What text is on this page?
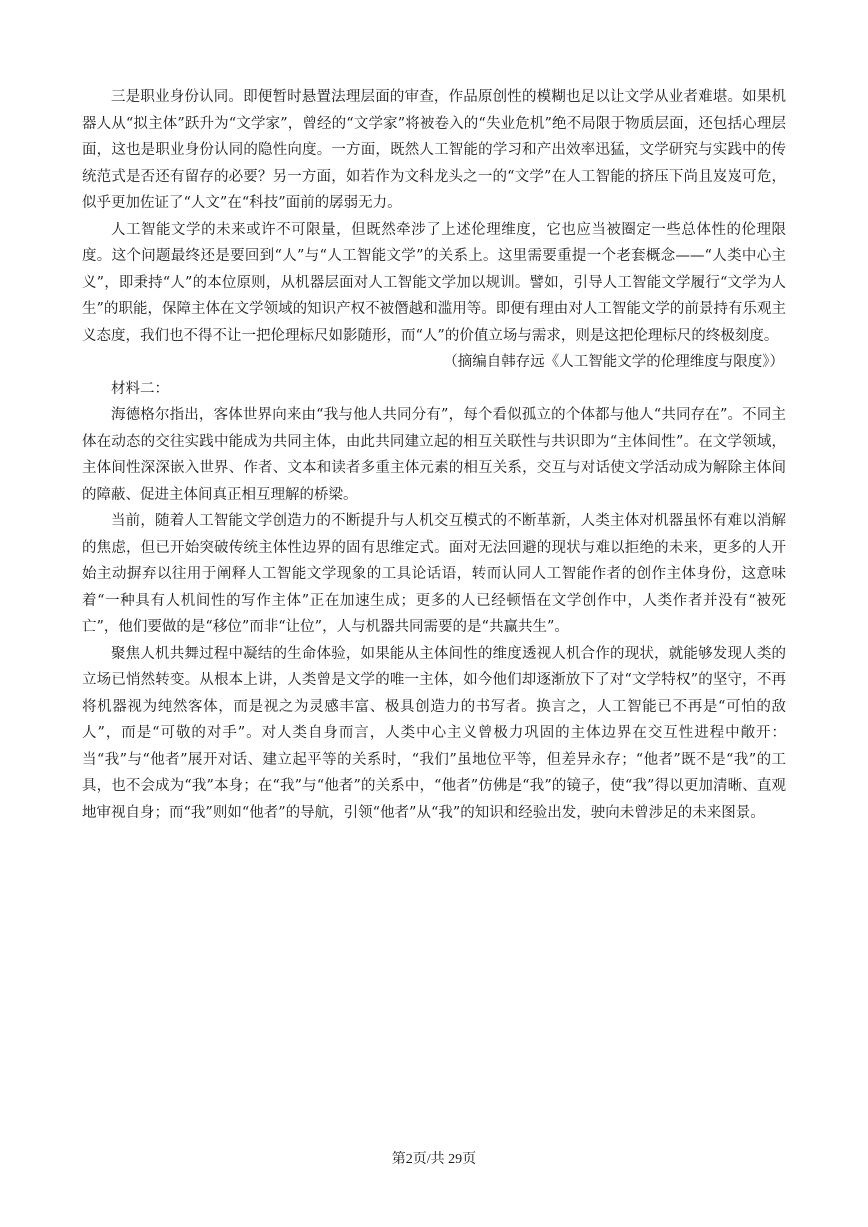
三是职业身份认同。即便暂时悬置法理层面的审查，作品原创性的模糊也足以让文学从业者难堪。如果机器人从“拟主体”跃升为“文学家”，曾经的“文学家”将被卷入的“失业危机”绝不局限于物质层面，还包括心理层面，这也是职业身份认同的隐性向度。一方面，既然人工智能的学习和产出效率迅猛，文学研究与实践中的传统范式是否还有留存的必要？另一方面，如若作为文科龙头之一的“文学”在人工智能的挤压下尚且岌岌可危，似乎更加佐证了“人文”在“科技”面前的孱弱无力。

人工智能文学的未来或许不可限量，但既然牵涉了上述伦理维度，它也应当被圈定一些总体性的伦理限度。这个问题最终还是要回到“人”与“人工智能文学”的关系上。这里需要重提一个老套概念——“人类中心主义”，即秉持“人”的本位原则，从机器层面对人工智能文学加以规训。譬如，引导人工智能文学履行“文学为人生”的职能，保障主体在文学领域的知识产权不被僭越和滥用等。即便有理由对人工智能文学的前景持有乐观主义态度，我们也不得不让一把伦理标尺如影随形，而“人”的价值立场与需求，则是这把伦理标尺的终极刻度。

（摘编自韩存远《人工智能文学的伦理维度与限度》）

材料二：

海德格尔指出，客体世界向来由“我与他人共同分有”，每个看似孤立的个体都与他人“共同存在”。不同主体在动态的交往实践中能成为共同主体，由此共同建立起的相互关联性与共识即为“主体间性”。在文学领域，主体间性深深嵌入世界、作者、文本和读者多重主体元素的相互关系，交互与对话使文学活动成为解除主体间的障蔽、促进主体间真正相互理解的桥梁。

当前，随着人工智能文学创造力的不断提升与人机交互模式的不断革新，人类主体对机器虽怀有难以消解的焦虑，但已开始突破传统主体性边界的固有思维定式。面对无法回避的现状与难以拒绝的未来，更多的人开始主动摒弃以往用于阐释人工智能文学现象的工具论话语，转而认同人工智能作者的创作主体身份，这意味着“一种具有人机间性的写作主体”正在加速生成；更多的人已经顿悟在文学创作中，人类作者并没有“被死亡”，他们要做的是“移位”而非“让位”，人与机器共同需要的是“共赢共生”。

聚焦人机共舞过程中凝结的生命体验，如果能从主体间性的维度透视人机合作的现状，就能够发现人类的立场已悄然转变。从根本上讲，人类曾是文学的唯一主体，如今他们却逐渐放下了对“文学特权”的坚守，不再将机器视为纯然客体，而是视之为灵感丰富、极具创造力的书写者。换言之，人工智能已不再是“可怕的敌人”，而是“可敬的对手”。对人类自身而言，人类中心主义曾极力巩固的主体边界在交互性进程中敞开：当“我”与“他者”展开对话、建立起平等的关系时，“我们”虽地位平等，但差异永存；“他者”既不是“我”的工具，也不会成为“我”本身；在“我”与“他者”的关系中，“他者”仿佛是“我”的镜子，使“我”得以更加清晰、直观地审视自身；而“我”则如“他者”的导航，引领“他者”从“我”的知识和经验出发，驶向未曾涉足的未来图景。

第2页/共 29页
